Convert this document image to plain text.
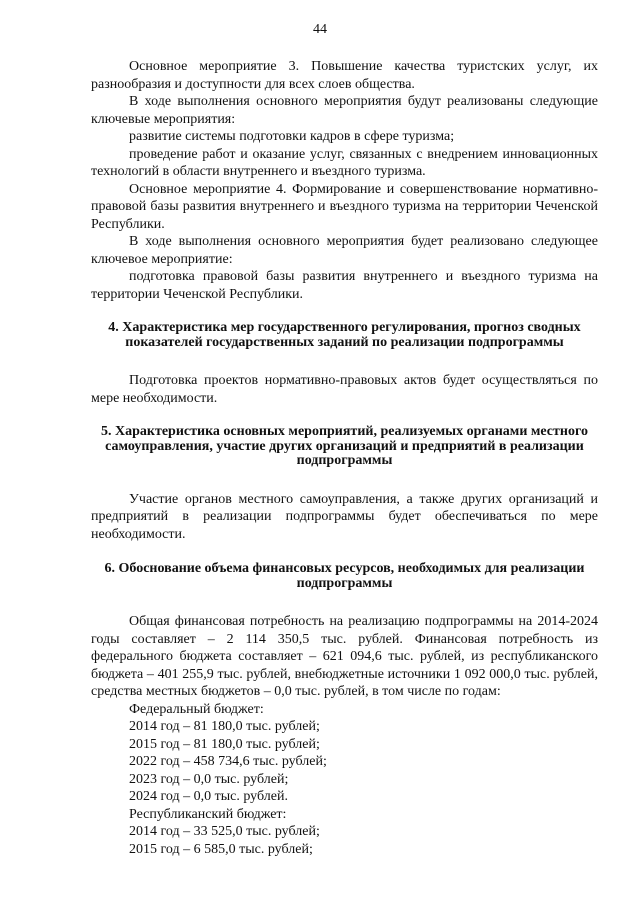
44

Основное мероприятие 3. Повышение качества туристских услуг, их разнообразия и доступности для всех слоев общества.

В ходе выполнения основного мероприятия будут реализованы следующие ключевые мероприятия:

развитие системы подготовки кадров в сфере туризма;

проведение работ и оказание услуг, связанных с внедрением инновационных технологий в области внутреннего и въездного туризма.

Основное мероприятие 4. Формирование и совершенствование нормативно-правовой базы развития внутреннего и въездного туризма на территории Чеченской Республики.

В ходе выполнения основного мероприятия будет реализовано следующее ключевое мероприятие:

подготовка правовой базы развития внутреннего и въездного туризма на территории Чеченской Республики.

4. Характеристика мер государственного регулирования, прогноз сводных показателей государственных заданий по реализации подпрограммы

Подготовка проектов нормативно-правовых актов будет осуществляться по мере необходимости.

5. Характеристика основных мероприятий, реализуемых органами местного самоуправления, участие других организаций и предприятий в реализации подпрограммы

Участие органов местного самоуправления, а также других организаций и предприятий в реализации подпрограммы будет обеспечиваться по мере необходимости.

6. Обоснование объема финансовых ресурсов, необходимых для реализации подпрограммы

Общая финансовая потребность на реализацию подпрограммы на 2014-2024 годы составляет – 2 114 350,5 тыс. рублей. Финансовая потребность из федерального бюджета составляет – 621 094,6 тыс. рублей, из республиканского бюджета – 401 255,9 тыс. рублей, внебюджетные источники 1 092 000,0 тыс. рублей, средства местных бюджетов – 0,0 тыс. рублей, в том числе по годам:

Федеральный бюджет:

2014 год – 81 180,0 тыс. рублей;

2015 год – 81 180,0 тыс. рублей;

2022 год – 458 734,6 тыс. рублей;

2023 год – 0,0 тыс. рублей;

2024 год – 0,0 тыс. рублей.

Республиканский бюджет:

2014 год – 33 525,0 тыс. рублей;

2015 год – 6 585,0 тыс. рублей;
